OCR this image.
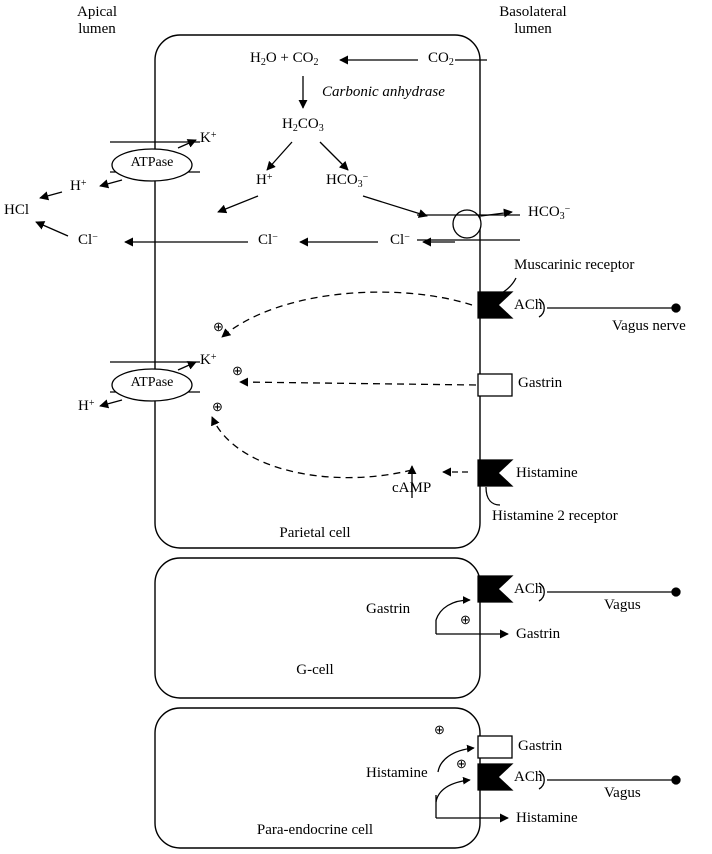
Apical
lumen
Basolateral
lumen
$H_2O + CO_2$	$CO_2$
Carbonic anhydrase
$H_2CO_3$
H+	$HCO_3^-$
$HCO_3^-$
Cl−
Cl−
Cl−
HCl
H+
ATPase
K+
ATPase
K+
H+
⊕
⊕
⊕
cAMP
Muscarinic receptor
ACh
Vagus nerve
Gastrin
Histamine
Histamine 2 receptor
Parietal cell
ACh
Vagus
Gastrin
⊕
Gastrin
G-cell
⊕
Gastrin
⊕
ACh
Vagus
Histamine
Histamine
Para-endocrine cell
